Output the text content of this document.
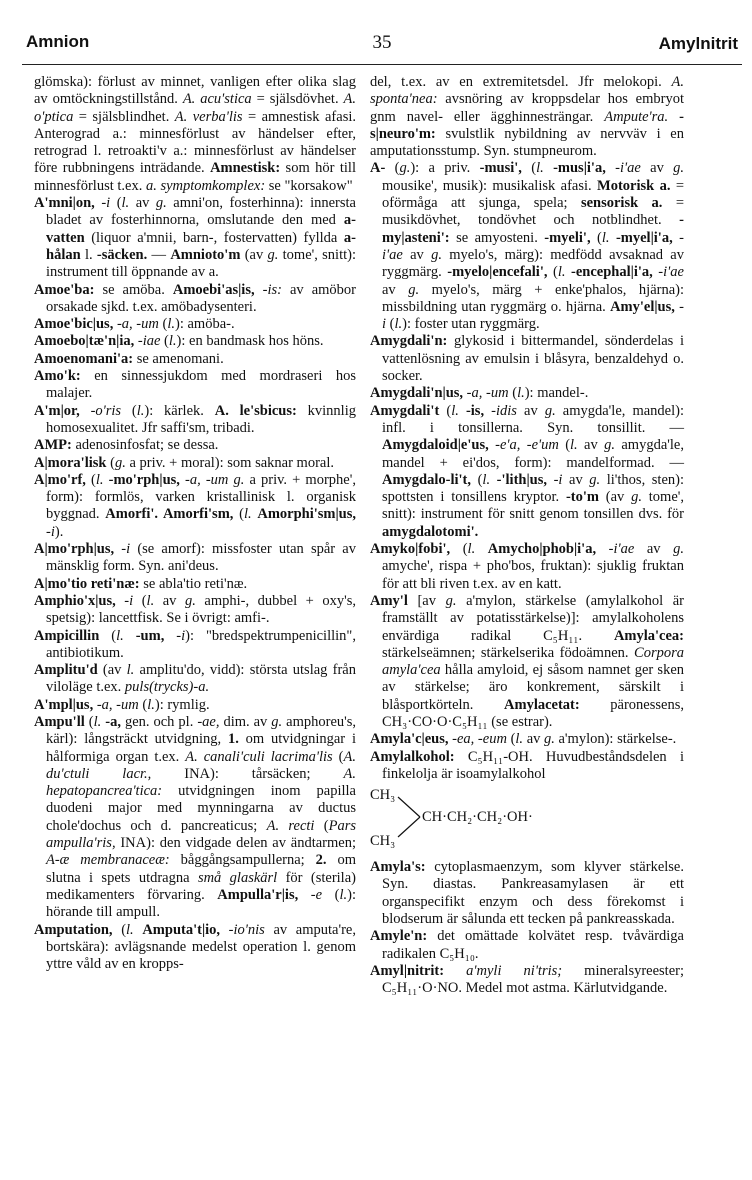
Amnion	35	Amylnitrit

glömska): förlust av minnet, vanligen efter olika slag av omtöckningstillstånd. A. acu'stica = själsdövhet. A. o'ptica = själsblindhet. A. verba'lis = amnestisk afasi. Anterograd a.: minnesförlust av händelser efter, retrograd l. retroakti'v a.: minnesförlust av händelser före rubbningens inträdande. Amnestisk: som hör till minnesförlust t.ex. a. symptomkomplex: se "korsakow"

A'mni|on, -i (l. av g. amni'on, fosterhinna): innersta bladet av fosterhinnorna, omslutande den med a-vatten (liquor a'mnii, barn-, fostervatten) fyllda a-hålan l. -säcken. — Amnioto'm (av g. tome', snitt): instrument till öppnande av a.

Amoe'ba: se amöba. Amoebi'as|is, -is: av amöbor orsakade sjkd. t.ex. amöbadysenteri.

Amoe'bic|us, -a, -um (l.): amöba-.

Amoebo|tæ'n|ia, -iae (l.): en bandmask hos höns.

Amoenomani'a: se amenomani.

Amo'k: en sinnessjukdom med mordraseri hos malajer.

A'm|or, -o'ris (l.): kärlek. A. le'sbicus: kvinnlig homosexualitet. Jfr saffi'sm, tribadi.

AMP: adenosinfosfat; se dessa.

A|mora'lisk (g. a priv. + moral): som saknar moral.

A|mo'rf, (l. -mo'rph|us, -a, -um g. a priv. + morphe', form): formlös, varken kristallinisk l. organisk byggnad. Amorfi'. Amorfi'sm, (l. Amorphi'sm|us, -i).

A|mo'rph|us, -i (se amorf): missfoster utan spår av mänsklig form. Syn. ani'deus.

A|mo'tio reti'næ: se abla'tio reti'næ.

Amphio'x|us, -i (l. av g. amphi-, dubbel + oxy's, spetsig): lancettfisk. Se i övrigt: amfi-.

Ampicillin (l. -um, -i): "bredspektrumpenicillin", antibiotikum.

Amplitu'd (av l. amplitu'do, vidd): största utslag från viloläge t.ex. puls(trycks)-a.

A'mpl|us, -a, -um (l.): rymlig.

Ampu'll (l. -a, gen. och pl. -ae, dim. av g. amphoreu's, kärl): långsträckt utvidgning, 1. om utvidgningar i hålformiga organ t.ex. A. canali'culi lacrima'lis (A. du'ctuli lacr., INA): tårsäcken; A. hepatopancrea'tica: utvidgningen inom papilla duodeni major med mynningarna av ductus chole'dochus och d. pancreaticus; A. recti (Pars ampulla'ris, INA): den vidgade delen av ändtarmen; A-æ membranaceæ: båggångsampullerna; 2. om slutna i spets utdragna små glaskärl för (sterila) medikamenters förvaring. Ampulla'r|is, -e (l.): hörande till ampull.

Amputation, (l. Amputa't|io, -io'nis av amputa're, bortskära): avlägsnande medelst operation l. genom yttre våld av en kropps-

del, t.ex. av en extremitetsdel. Jfr melokopi. A. sponta'nea: avsnöring av kroppsdelar hos embryot gnm navel- eller ägghinnesträngar. Ampute'ra. -s|neuro'm: svulstlik nybildning av nervväv i en amputationsstump. Syn. stumpneurom.

A- (g.): a priv. -musi', (l. -mus|i'a, -i'ae av g. mousike', musik): musikalisk afasi. Motorisk a. = oförmåga att sjunga, spela; sensorisk a. = musikdövhet, tondövhet och notblindhet. -my|asteni': se amyosteni. -myeli', (l. -myel|i'a, -i'ae av g. myelo's, märg): medfödd avsaknad av ryggmärg. -myelo|encefali', (l. -encephal|i'a, -i'ae av g. myelo's, märg + enke'phalos, hjärna): missbildning utan ryggmärg o. hjärna. Amy'el|us, -i (l.): foster utan ryggmärg.

Amygdali'n: glykosid i bittermandel, sönderdelas i vattenlösning av emulsin i blåsyra, benzaldehyd o. socker.

Amygdali'n|us, -a, -um (l.): mandel-.

Amygdali't (l. -is, -idis av g. amygda'le, mandel): infl. i tonsillerna. Syn. tonsillit. — Amygdaloid|e'us, -e'a, -e'um (l. av g. amygda'le, mandel + ei'dos, form): mandelformad. — Amygdalo-li't, (l. -'lith|us, -i av g. li'thos, sten): spottsten i tonsillens kryptor. -to'm (av g. tome', snitt): instrument för snitt genom tonsillen dvs. för amygdalotomi'.

Amyko|fobi', (l. Amycho|phob|i'a, -i'ae av g. amyche', rispa + pho'bos, fruktan): sjuklig fruktan för att bli riven t.ex. av en katt.

Amy'l [av g. a'mylon, stärkelse (amylalkohol är framställt av potatisstärkelse)]: amylalkoholens envärdiga radikal C₅H₁₁. Amyla'cea: stärkelseämnen; stärkelserika födoämnen. Corpora amyla'cea hålla amyloid, ej såsom namnet ger sken av stärkelse; äro konkrement, särskilt i blåsportkörteln. Amylacetat: päronessens, CH₃·CO·O·C₅H₁₁ (se estrar).

Amyla'c|eus, -ea, -eum (l. av g. a'mylon): stärkelse-.

Amylalkohol: C₅H₁₁-OH. Huvudbeståndsdelen i finkelolja är isoamylalkohol

CH₃
CH₃
CH·CH₂·CH₂·OH·

Amyla's: cytoplasmaenzym, som klyver stärkelse. Syn. diastas. Pankreasamylasen är ett organspecifikt enzym och dess förekomst i blodserum är sålunda ett tecken på pankreasskada.

Amyle'n: det omättade kolvätet resp. tvåvärdiga radikalen C₅H₁₀.

Amyl|nitrit: a'myli ni'tris; mineralsyreester; C₅H₁₁·O·NO. Medel mot astma. Kärlutvidgande.
